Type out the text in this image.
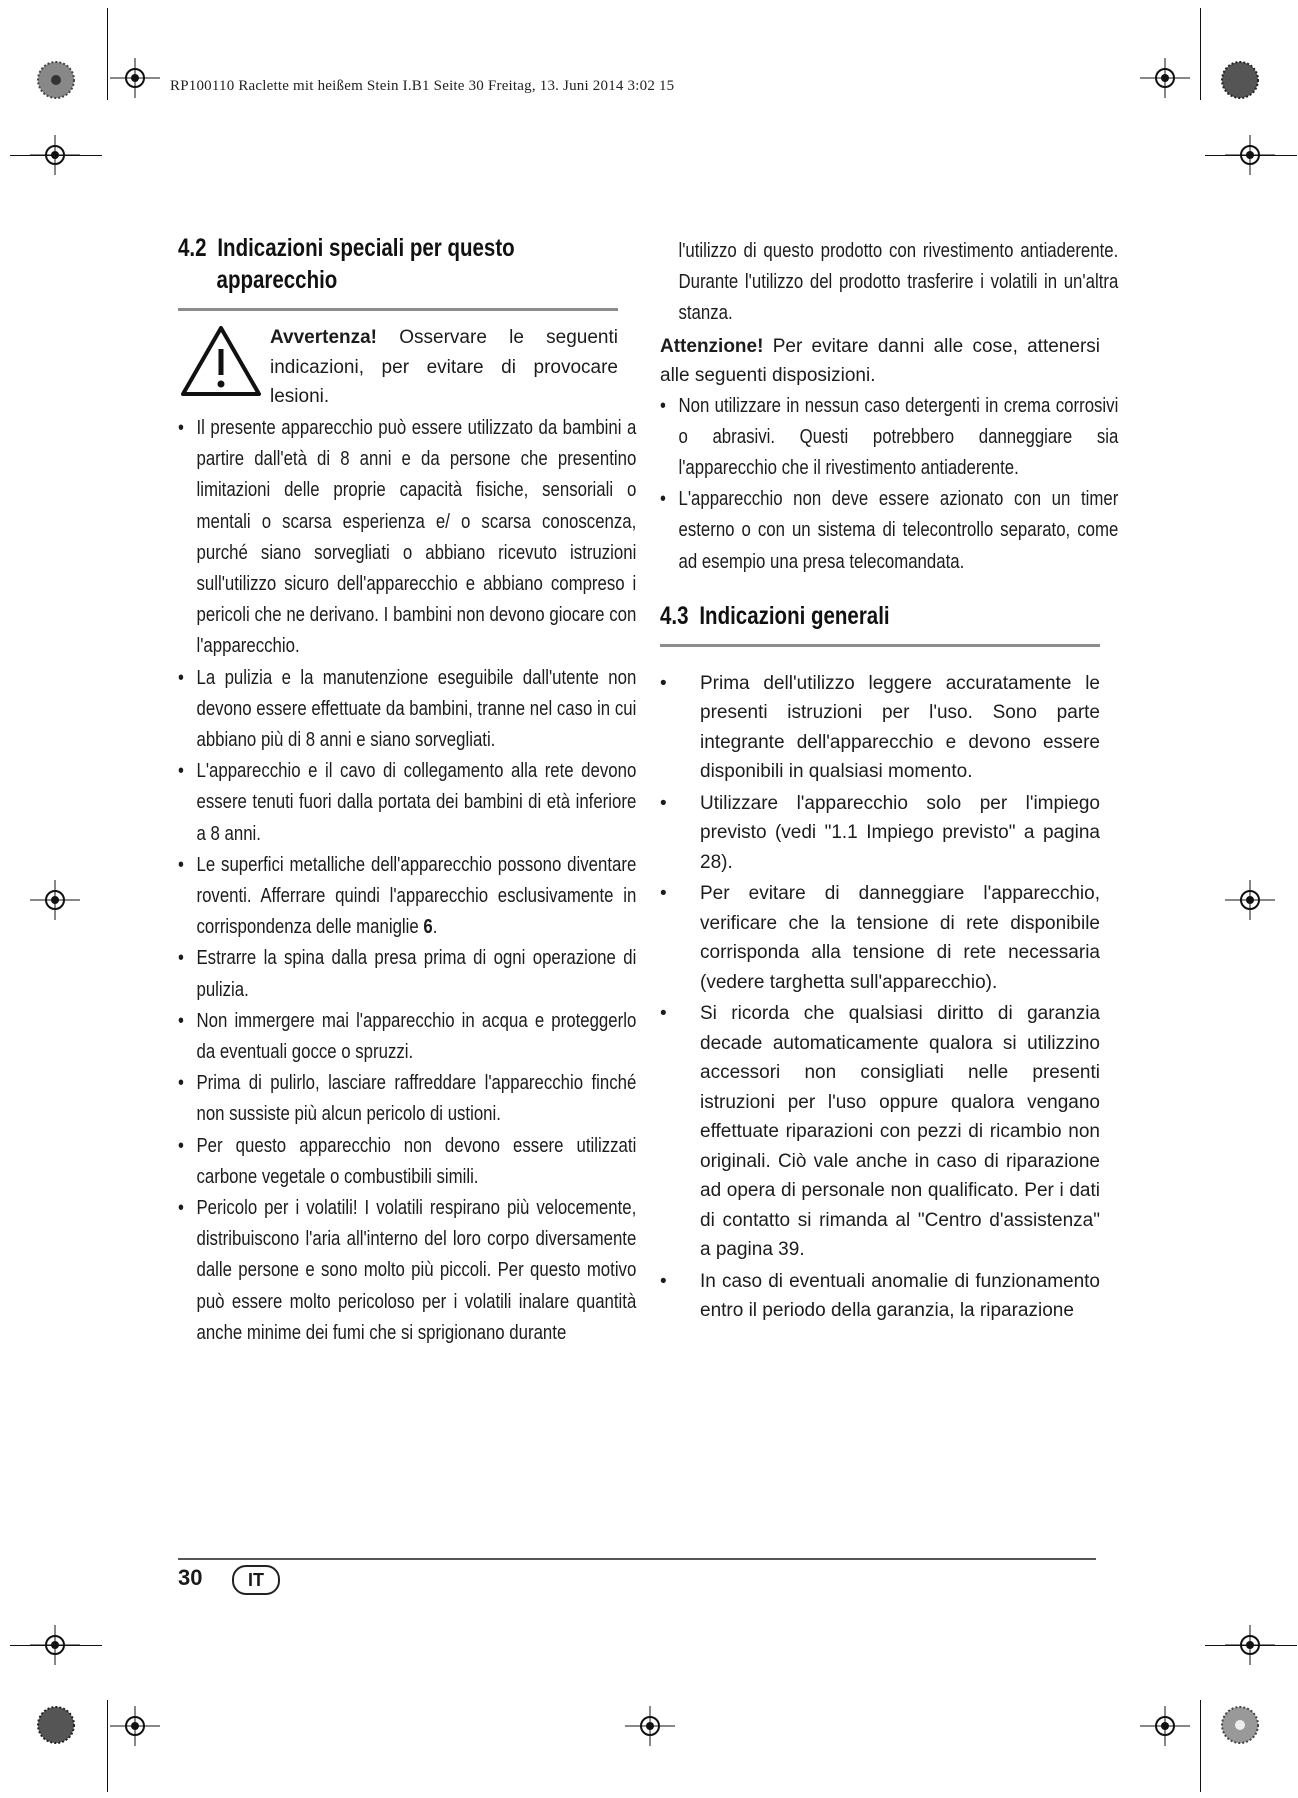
RP100110 Raclette mit heißem Stein I.B1 Seite 30 Freitag, 13. Juni 2014 3:02 15
4.2 Indicazioni speciali per questo
apparecchio
Avvertenza! Osservare le seguenti indicazioni, per evitare di provocare lesioni.
• Il presente apparecchio può essere utilizzato da bambini a partire dall'età di 8 anni e da persone che presentino limitazioni delle proprie capacità fisiche, sensoriali o mentali o scarsa esperienza e/ o scarsa conoscenza, purché siano sorvegliati o abbiano ricevuto istruzioni sull'utilizzo sicuro dell'apparecchio e abbiano compreso i pericoli che ne derivano. I bambini non devono giocare con l'apparecchio.
• La pulizia e la manutenzione eseguibile dall'utente non devono essere effettuate da bambini, tranne nel caso in cui abbiano più di 8 anni e siano sorvegliati.
• L'apparecchio e il cavo di collegamento alla rete devono essere tenuti fuori dalla portata dei bambini di età inferiore a 8 anni.
• Le superfici metalliche dell'apparecchio possono diventare roventi. Afferrare quindi l'apparecchio esclusivamente in corrispondenza delle maniglie 6.
• Estrarre la spina dalla presa prima di ogni operazione di pulizia.
• Non immergere mai l'apparecchio in acqua e proteggerlo da eventuali gocce o spruzzi.
• Prima di pulirlo, lasciare raffreddare l'apparecchio finché non sussiste più alcun pericolo di ustioni.
• Per questo apparecchio non devono essere utilizzati carbone vegetale o combustibili simili.
• Pericolo per i volatili! I volatili respirano più velocemente, distribuiscono l'aria all'interno del loro corpo diversamente dalle persone e sono molto più piccoli. Per questo motivo può essere molto pericoloso per i volatili inalare quantità anche minime dei fumi che si sprigionano durante
l'utilizzo di questo prodotto con rivestimento antiaderente. Durante l'utilizzo del prodotto trasferire i volatili in un'altra stanza.
Attenzione! Per evitare danni alle cose, attenersi alle seguenti disposizioni.
• Non utilizzare in nessun caso detergenti in crema corrosivi o abrasivi. Questi potrebbero danneggiare sia l'apparecchio che il rivestimento antiaderente.
• L'apparecchio non deve essere azionato con un timer esterno o con un sistema di telecontrollo separato, come ad esempio una presa telecomandata.
4.3 Indicazioni generali
• Prima dell'utilizzo leggere accuratamente le presenti istruzioni per l'uso. Sono parte integrante dell'apparecchio e devono essere disponibili in qualsiasi momento.
• Utilizzare l'apparecchio solo per l'impiego previsto (vedi "1.1 Impiego previsto" a pagina 28).
• Per evitare di danneggiare l'apparecchio, verificare che la tensione di rete disponibile corrisponda alla tensione di rete necessaria (vedere targhetta sull'apparecchio).
• Si ricorda che qualsiasi diritto di garanzia decade automaticamente qualora si utilizzino accessori non consigliati nelle presenti istruzioni per l'uso oppure qualora vengano effettuate riparazioni con pezzi di ricambio non originali. Ciò vale anche in caso di riparazione ad opera di personale non qualificato. Per i dati di contatto si rimanda al "Centro d'assistenza" a pagina 39.
• In caso di eventuali anomalie di funzionamento entro il periodo della garanzia, la riparazione
30	IT
